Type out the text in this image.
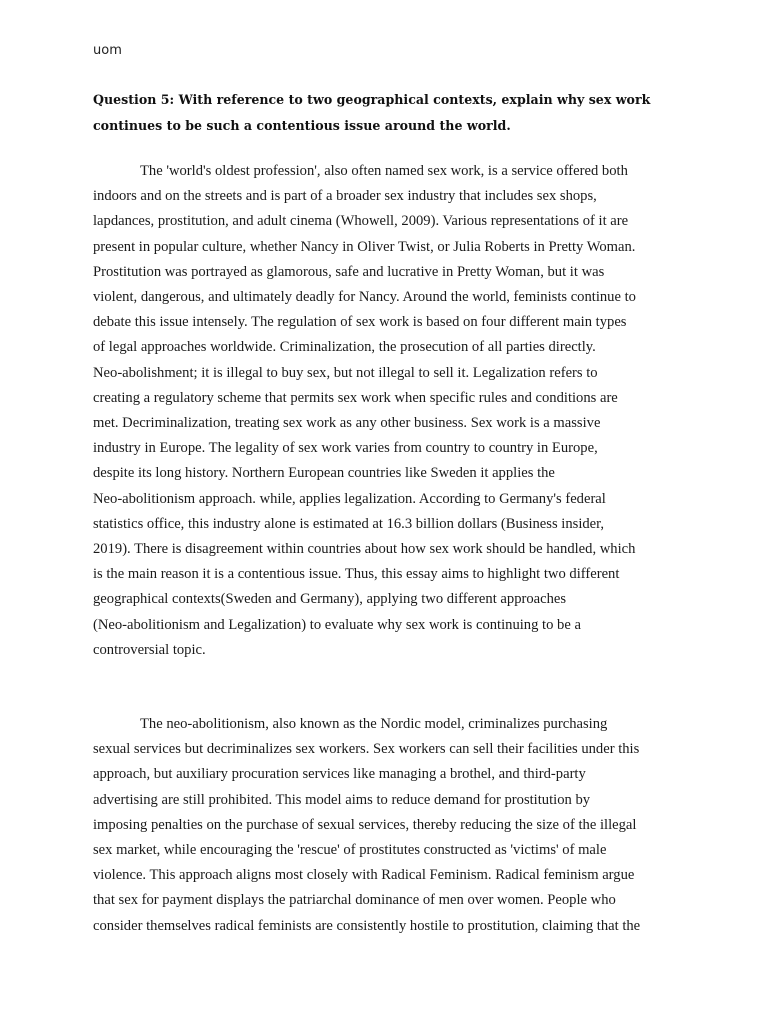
uom
Question 5: With reference to two geographical contexts, explain why sex work
continues to be such a contentious issue around the world.
The 'world's oldest profession', also often named sex work, is a service offered both
indoors and on the streets and is part of a broader sex industry that includes sex shops,
lapdances, prostitution, and adult cinema (Whowell, 2009). Various representations of it are
present in popular culture, whether Nancy in Oliver Twist, or Julia Roberts in Pretty Woman.
Prostitution was portrayed as glamorous, safe and lucrative in Pretty Woman, but it was
violent, dangerous, and ultimately deadly for Nancy. Around the world, feminists continue to
debate this issue intensely. The regulation of sex work is based on four different main types
of legal approaches worldwide. Criminalization, the prosecution of all parties directly.
Neo-abolishment; it is illegal to buy sex, but not illegal to sell it. Legalization refers to
creating a regulatory scheme that permits sex work when specific rules and conditions are
met. Decriminalization, treating sex work as any other business. Sex work is a massive
industry in Europe. The legality of sex work varies from country to country in Europe,
despite its long history. Northern European countries like Sweden it applies the
Neo-abolitionism approach. while, applies legalization. According to Germany's federal
statistics office, this industry alone is estimated at 16.3 billion dollars (Business insider,
2019). There is disagreement within countries about how sex work should be handled, which
is the main reason it is a contentious issue. Thus, this essay aims to highlight two different
geographical contexts(Sweden and Germany), applying two different approaches
(Neo-abolitionism and Legalization) to evaluate why sex work is continuing to be a
controversial topic.
The neo-abolitionism, also known as the Nordic model, criminalizes purchasing
sexual services but decriminalizes sex workers. Sex workers can sell their facilities under this
approach, but auxiliary procuration services like managing a brothel, and third-party
advertising are still prohibited. This model aims to reduce demand for prostitution by
imposing penalties on the purchase of sexual services, thereby reducing the size of the illegal
sex market, while encouraging the 'rescue' of prostitutes constructed as 'victims' of male
violence. This approach aligns most closely with Radical Feminism. Radical feminism argue
that sex for payment displays the patriarchal dominance of men over women. People who
consider themselves radical feminists are consistently hostile to prostitution, claiming that the
